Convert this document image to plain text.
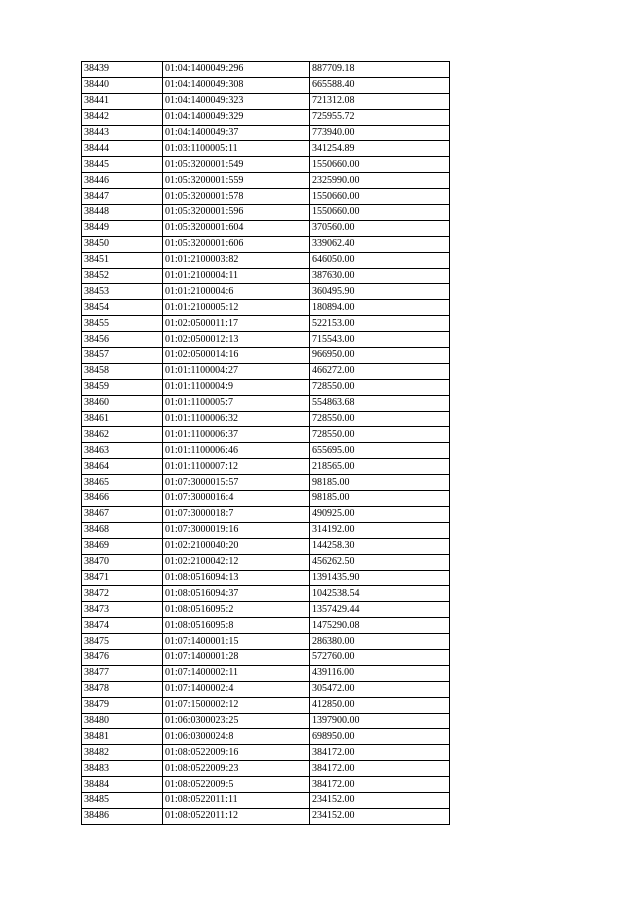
38439	01:04:1400049:296	887709.18
38440	01:04:1400049:308	665588.40
38441	01:04:1400049:323	721312.08
38442	01:04:1400049:329	725955.72
38443	01:04:1400049:37	773940.00
38444	01:03:1100005:11	341254.89
38445	01:05:3200001:549	1550660.00
38446	01:05:3200001:559	2325990.00
38447	01:05:3200001:578	1550660.00
38448	01:05:3200001:596	1550660.00
38449	01:05:3200001:604	370560.00
38450	01:05:3200001:606	339062.40
38451	01:01:2100003:82	646050.00
38452	01:01:2100004:11	387630.00
38453	01:01:2100004:6	360495.90
38454	01:01:2100005:12	180894.00
38455	01:02:0500011:17	522153.00
38456	01:02:0500012:13	715543.00
38457	01:02:0500014:16	966950.00
38458	01:01:1100004:27	466272.00
38459	01:01:1100004:9	728550.00
38460	01:01:1100005:7	554863.68
38461	01:01:1100006:32	728550.00
38462	01:01:1100006:37	728550.00
38463	01:01:1100006:46	655695.00
38464	01:01:1100007:12	218565.00
38465	01:07:3000015:57	98185.00
38466	01:07:3000016:4	98185.00
38467	01:07:3000018:7	490925.00
38468	01:07:3000019:16	314192.00
38469	01:02:2100040:20	144258.30
38470	01:02:2100042:12	456262.50
38471	01:08:0516094:13	1391435.90
38472	01:08:0516094:37	1042538.54
38473	01:08:0516095:2	1357429.44
38474	01:08:0516095:8	1475290.08
38475	01:07:1400001:15	286380.00
38476	01:07:1400001:28	572760.00
38477	01:07:1400002:11	439116.00
38478	01:07:1400002:4	305472.00
38479	01:07:1500002:12	412850.00
38480	01:06:0300023:25	1397900.00
38481	01:06:0300024:8	698950.00
38482	01:08:0522009:16	384172.00
38483	01:08:0522009:23	384172.00
38484	01:08:0522009:5	384172.00
38485	01:08:0522011:11	234152.00
38486	01:08:0522011:12	234152.00
